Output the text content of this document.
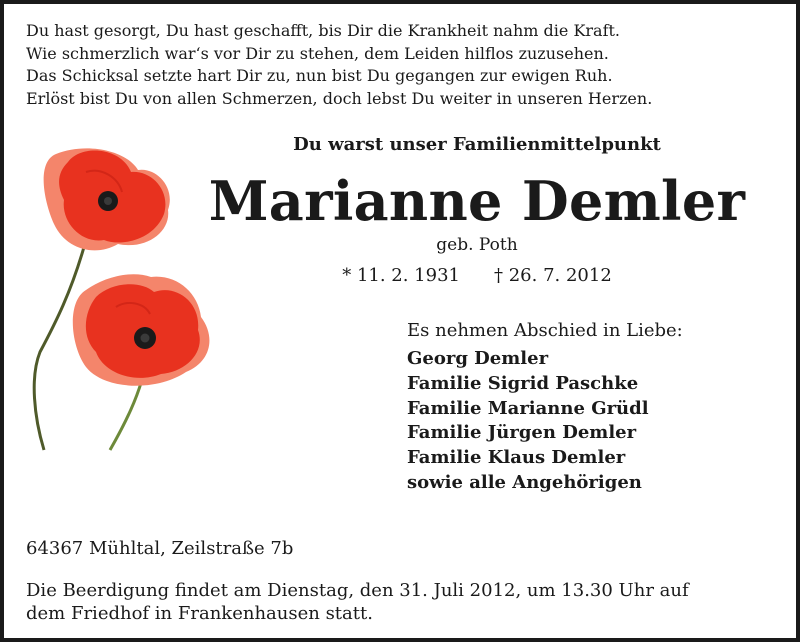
Du hast gesorgt, Du hast geschafft, bis Dir die Krankheit nahm die Kraft.
Wie schmerzlich war‘s vor Dir zu stehen, dem Leiden hilflos zuzusehen.
Das Schicksal setzte hart Dir zu, nun bist Du gegangen zur ewigen Ruh.
Erlöst bist Du von allen Schmerzen, doch lebst Du weiter in unseren Herzen.
Du warst unser Familienmittelpunkt
Marianne Demler
geb. Poth
* 11. 2. 1931 † 26. 7. 2012
Es nehmen Abschied in Liebe:
Georg Demler
Familie Sigrid Paschke
Familie Marianne Grüdl
Familie Jürgen Demler
Familie Klaus Demler
sowie alle Angehörigen
64367 Mühltal, Zeilstraße 7b
Die Beerdigung findet am Dienstag, den 31. Juli 2012, um 13.30 Uhr auf
dem Friedhof in Frankenhausen statt.
